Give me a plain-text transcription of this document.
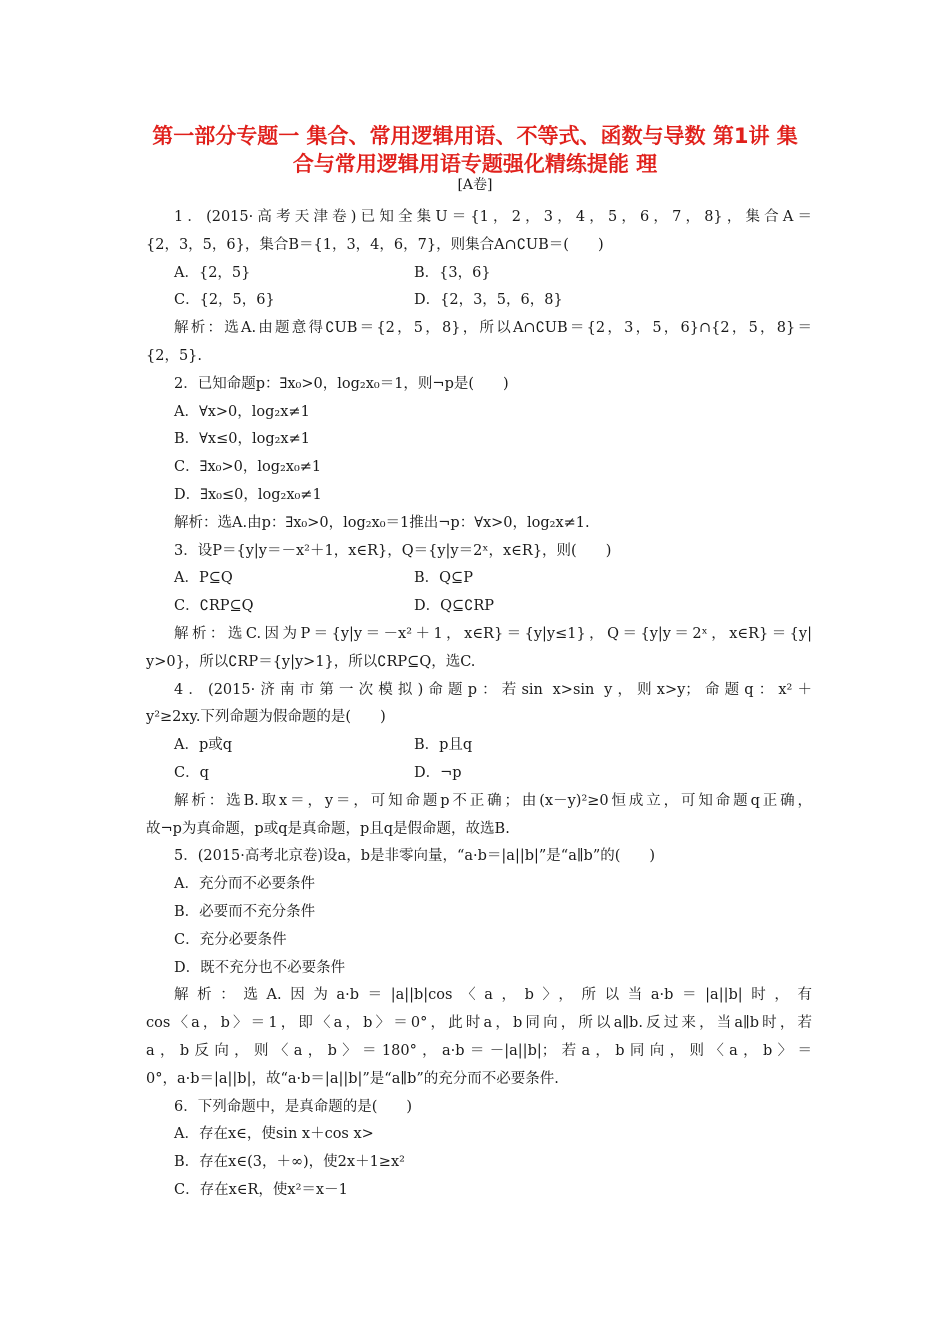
第一部分专题一 集合、常用逻辑用语、不等式、函数与导数 第1讲 集合与常用逻辑用语专题强化精练提能 理
[A卷]
1．(2015·高考天津卷)已知全集U＝{1，2，3，4，5，6，7，8}，集合A＝
{2，3，5，6}，集合B＝{1，3，4，6，7}，则集合A∩∁UB＝(　　)
A．{2，5}	B．{3，6}
C．{2，5，6}	D．{2，3，5，6，8}
解析：选A.由题意得∁UB＝{2，5，8}，所以A∩∁UB＝{2，3，5，6}∩{2，5，8}＝
{2，5}.
2．已知命题p：∃x₀>0，log₂x₀＝1，则¬p是(　　)
A．∀x>0，log₂x≠1
B．∀x≤0，log₂x≠1
C．∃x₀>0，log₂x₀≠1
D．∃x₀≤0，log₂x₀≠1
解析：选A.由p：∃x₀>0，log₂x₀＝1推出¬p：∀x>0，log₂x≠1.
3．设P＝{y|y＝－x²＋1，x∈R}，Q＝{y|y＝2ˣ，x∈R}，则(　　)
A．P⊆Q	B．Q⊆P
C．∁RP⊆Q	D．Q⊆∁RP
解析：选C.因为P＝{y|y＝－x²＋1，x∈R}＝{y|y≤1}，Q＝{y|y＝2ˣ，x∈R}＝{y|
y>0}，所以∁RP＝{y|y>1}，所以∁RP⊆Q，选C.
4．(2015·济南市第一次模拟)命题p：若sin x>sin y，则x>y；命题q：x²＋
y²≥2xy.下列命题为假命题的是(　　)
A．p或q	B．p且q
C．q	D．¬p
解析：选B.取x＝，y＝，可知命题p不正确；由(x－y)²≥0恒成立，可知命题q正确，
故¬p为真命题，p或q是真命题，p且q是假命题，故选B.
5．(2015·高考北京卷)设a，b是非零向量，“a·b＝|a||b|”是“a∥b”的(　　)
A．充分而不必要条件
B．必要而不充分条件
C．充分必要条件
D．既不充分也不必要条件
解析：选A.因为a·b＝|a||b|cos〈a，b〉，所以当a·b＝|a||b|时，有
cos〈a，b〉＝1，即〈a，b〉＝0°，此时a，b同向，所以a∥b.反过来，当a∥b时，若
a，b反向，则〈a，b〉＝180°，a·b＝－|a||b|；若a，b同向，则〈a，b〉＝
0°，a·b＝|a||b|，故“a·b＝|a||b|”是“a∥b”的充分而不必要条件.
6．下列命题中，是真命题的是(　　)
A．存在x∈，使sin x＋cos x>
B．存在x∈(3，＋∞)，使2x＋1≥x²
C．存在x∈R，使x²＝x－1
